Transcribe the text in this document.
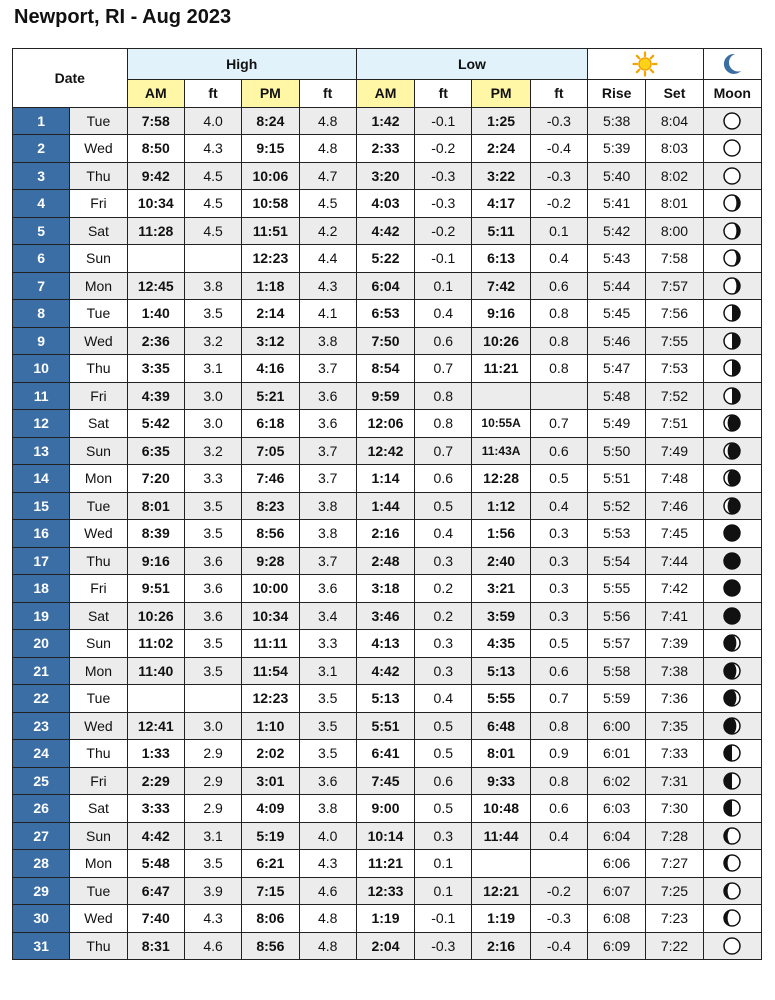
Newport, RI - Aug 2023
Date		High				Low	

		AM	ft	PM	ft	AM	ft	PM	ft	Rise	Set	Moon
1	Tue	7:58	4.0	8:24	4.8	1:42	-0.1	1:25	-0.3	5:38	8:04	

2	Wed	8:50	4.3	9:15	4.8	2:33	-0.2	2:24	-0.4	5:39	8:03	

3	Thu	9:42	4.5	10:06	4.7	3:20	-0.3	3:22	-0.3	5:40	8:02	

4	Fri	10:34	4.5	10:58	4.5	4:03	-0.3	4:17	-0.2	5:41	8:01	

5	Sat	11:28	4.5	11:51	4.2	4:42	-0.2	5:11	0.1	5:42	8:00	

6	Sun			12:23	4.4	5:22	-0.1	6:13	0.4	5:43	7:58	

7	Mon	12:45	3.8	1:18	4.3	6:04	0.1	7:42	0.6	5:44	7:57	

8	Tue	1:40	3.5	2:14	4.1	6:53	0.4	9:16	0.8	5:45	7:56	

9	Wed	2:36	3.2	3:12	3.8	7:50	0.6	10:26	0.8	5:46	7:55	

10	Thu	3:35	3.1	4:16	3.7	8:54	0.7	11:21	0.8	5:47	7:53	

11	Fri	4:39	3.0	5:21	3.6	9:59	0.8			5:48	7:52	

12	Sat	5:42	3.0	6:18	3.6	12:06	0.8	10:55A	0.7	5:49	7:51	

13	Sun	6:35	3.2	7:05	3.7	12:42	0.7	11:43A	0.6	5:50	7:49	

14	Mon	7:20	3.3	7:46	3.7	1:14	0.6	12:28	0.5	5:51	7:48	

15	Tue	8:01	3.5	8:23	3.8	1:44	0.5	1:12	0.4	5:52	7:46	

16	Wed	8:39	3.5	8:56	3.8	2:16	0.4	1:56	0.3	5:53	7:45	

17	Thu	9:16	3.6	9:28	3.7	2:48	0.3	2:40	0.3	5:54	7:44	

18	Fri	9:51	3.6	10:00	3.6	3:18	0.2	3:21	0.3	5:55	7:42	

19	Sat	10:26	3.6	10:34	3.4	3:46	0.2	3:59	0.3	5:56	7:41	

20	Sun	11:02	3.5	11:11	3.3	4:13	0.3	4:35	0.5	5:57	7:39	

21	Mon	11:40	3.5	11:54	3.1	4:42	0.3	5:13	0.6	5:58	7:38	

22	Tue			12:23	3.5	5:13	0.4	5:55	0.7	5:59	7:36	

23	Wed	12:41	3.0	1:10	3.5	5:51	0.5	6:48	0.8	6:00	7:35	

24	Thu	1:33	2.9	2:02	3.5	6:41	0.5	8:01	0.9	6:01	7:33	

25	Fri	2:29	2.9	3:01	3.6	7:45	0.6	9:33	0.8	6:02	7:31	

26	Sat	3:33	2.9	4:09	3.8	9:00	0.5	10:48	0.6	6:03	7:30	

27	Sun	4:42	3.1	5:19	4.0	10:14	0.3	11:44	0.4	6:04	7:28	

28	Mon	5:48	3.5	6:21	4.3	11:21	0.1			6:06	7:27	

29	Tue	6:47	3.9	7:15	4.6	12:33	0.1	12:21	-0.2	6:07	7:25	

30	Wed	7:40	4.3	8:06	4.8	1:19	-0.1	1:19	-0.3	6:08	7:23	

31	Thu	8:31	4.6	8:56	4.8	2:04	-0.3	2:16	-0.4	6:09	7:22	
